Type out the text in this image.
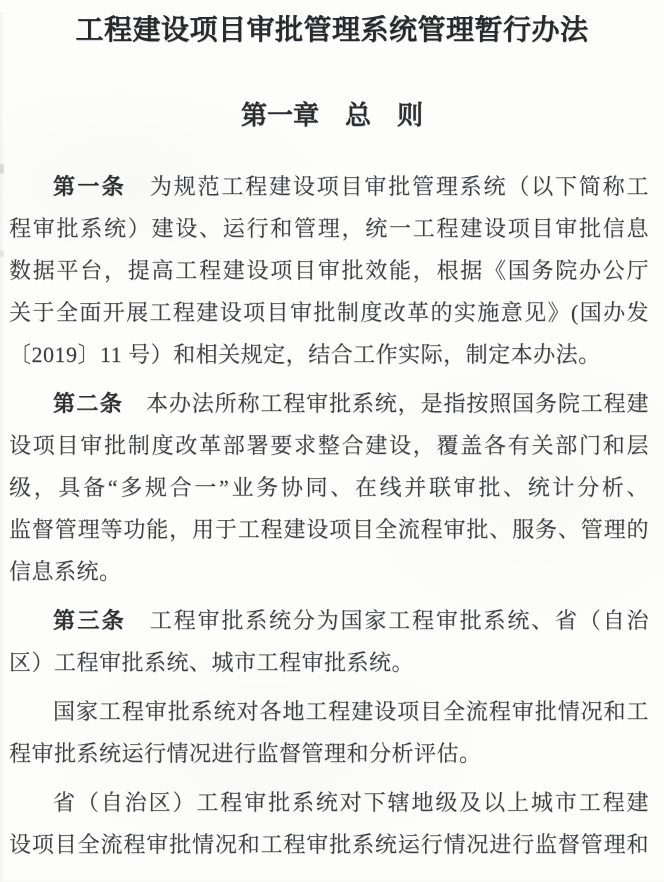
工程建设项目审批管理系统管理暂行办法
第一章　总　则
第一条　为规范工程建设项目审批管理系统（以下简称工
程审批系统）建设、运行和管理，统一工程建设项目审批信息
数据平台，提高工程建设项目审批效能，根据《国务院办公厅
关于全面开展工程建设项目审批制度改革的实施意见》(国办发
〔2019〕11 号）和相关规定，结合工作实际，制定本办法。
第二条　本办法所称工程审批系统，是指按照国务院工程建
设项目审批制度改革部署要求整合建设，覆盖各有关部门和层
级，具备“多规合一”业务协同、在线并联审批、统计分析、
监督管理等功能，用于工程建设项目全流程审批、服务、管理的
信息系统。
第三条　工程审批系统分为国家工程审批系统、省（自治
区）工程审批系统、城市工程审批系统。
国家工程审批系统对各地工程建设项目全流程审批情况和工
程审批系统运行情况进行监督管理和分析评估。
省（自治区）工程审批系统对下辖地级及以上城市工程建
设项目全流程审批情况和工程审批系统运行情况进行监督管理和
